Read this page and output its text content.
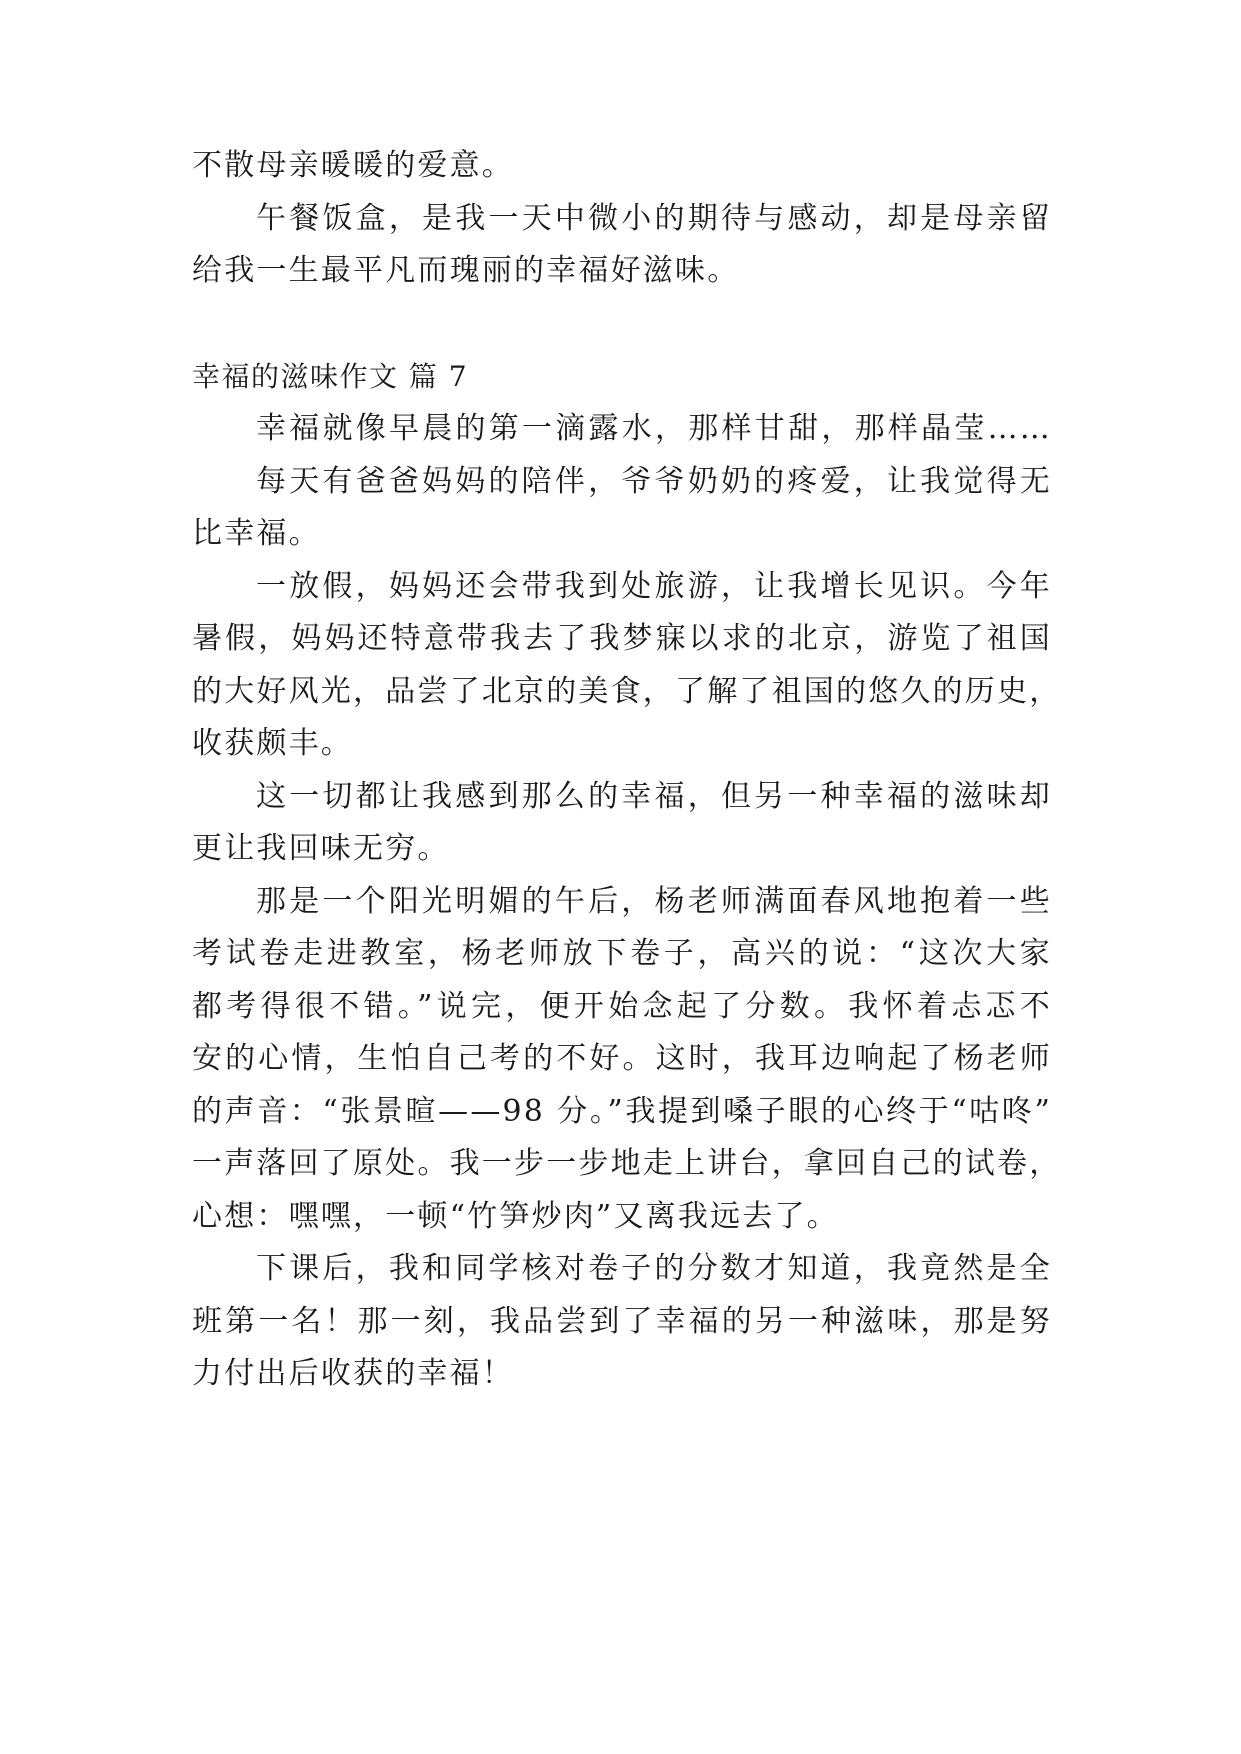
不散母亲暖暖的爱意。
午餐饭盒，是我一天中微小的期待与感动，却是母亲留
给我一生最平凡而瑰丽的幸福好滋味。
幸福的滋味作文 篇 7
幸福就像早晨的第一滴露水，那样甘甜，那样晶莹……
每天有爸爸妈妈的陪伴，爷爷奶奶的疼爱，让我觉得无
比幸福。
一放假，妈妈还会带我到处旅游，让我增长见识。今年
暑假，妈妈还特意带我去了我梦寐以求的北京，游览了祖国
的大好风光，品尝了北京的美食，了解了祖国的悠久的历史，
收获颇丰。
这一切都让我感到那么的幸福，但另一种幸福的滋味却
更让我回味无穷。
那是一个阳光明媚的午后，杨老师满面春风地抱着一些
考试卷走进教室，杨老师放下卷子，高兴的说：“这次大家
都考得很不错。”说完，便开始念起了分数。我怀着忐忑不
安的心情，生怕自己考的不好。这时，我耳边响起了杨老师
的声音：“张景暄——98 分。”我提到嗓子眼的心终于“咕咚”
一声落回了原处。我一步一步地走上讲台，拿回自己的试卷，
心想：嘿嘿，一顿“竹笋炒肉”又离我远去了。
下课后，我和同学核对卷子的分数才知道，我竟然是全
班第一名！那一刻，我品尝到了幸福的另一种滋味，那是努
力付出后收获的幸福！
